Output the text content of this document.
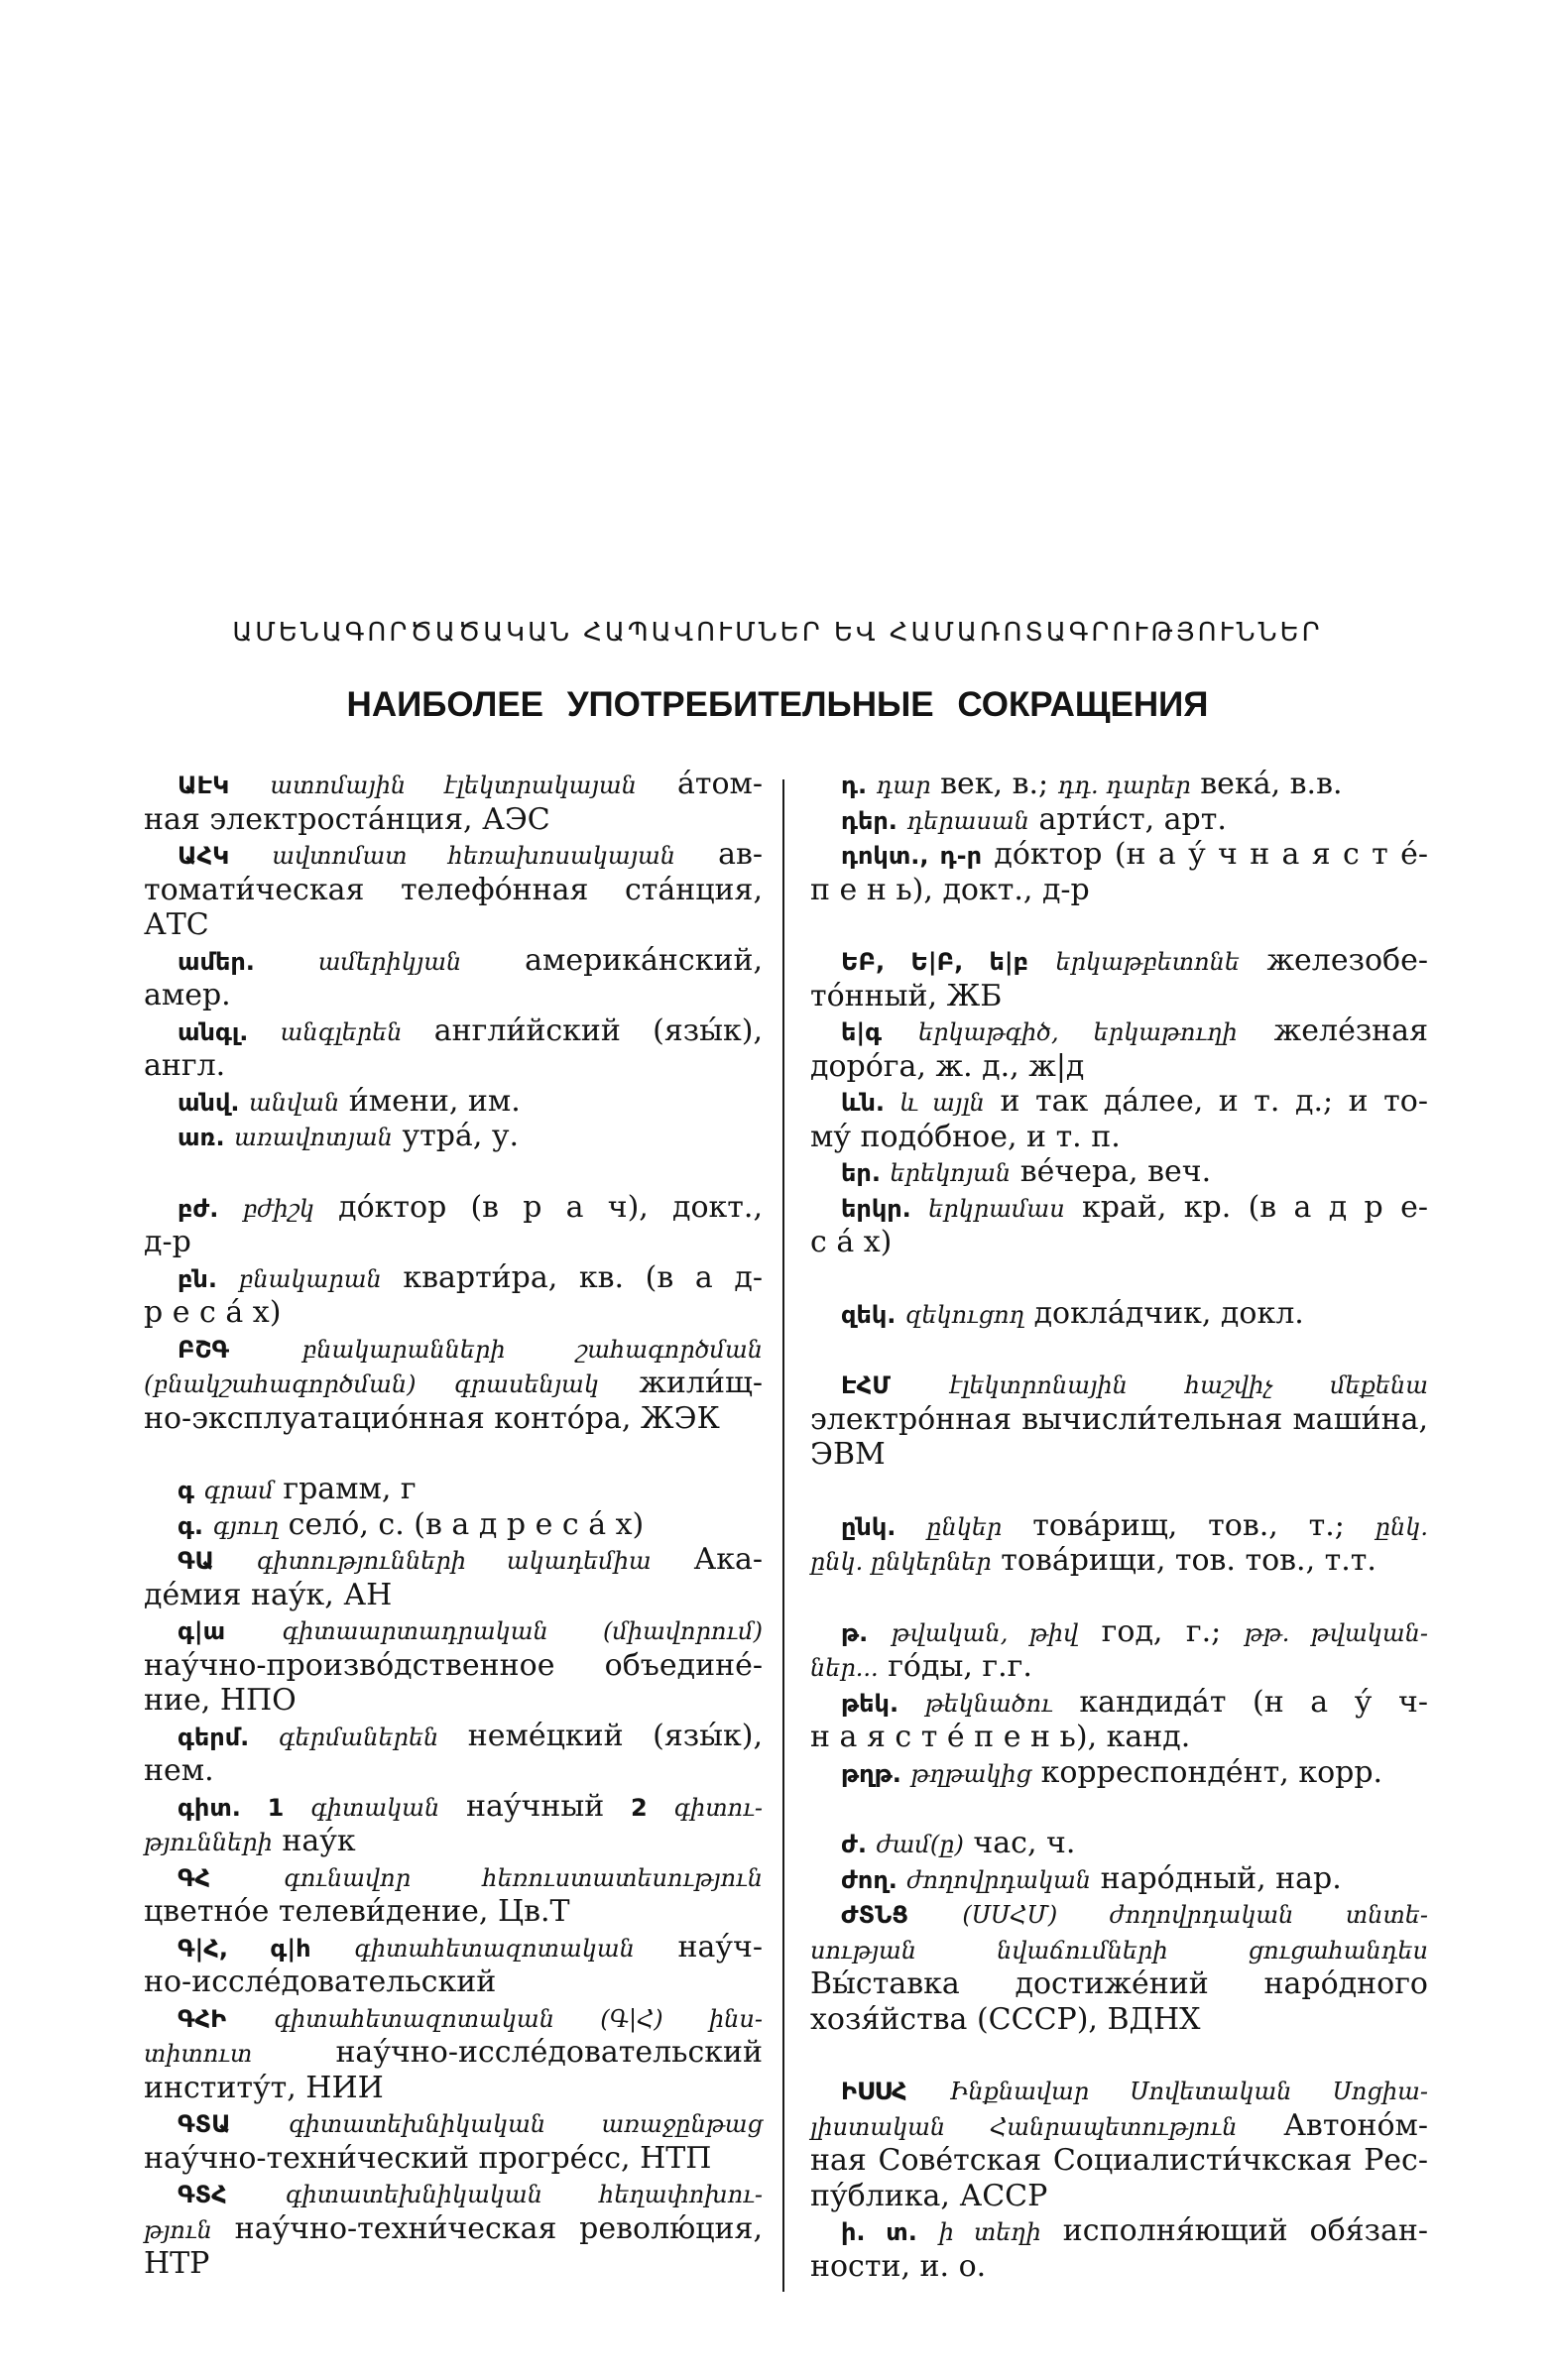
ԱՄԵՆԱԳՈՐԾԱԾԱԿԱՆ ՀԱՊԱՎՈՒՄՆԵՐ ԵՎ ՀԱՄԱՌՈՏԱԳՐՈՒԹՅՈՒՆՆԵՐ
НАИБОЛЕЕ УПОТРЕБИТЕЛЬНЫЕ СОКРАЩЕНИЯ
ԱԷԿ ատոմային էլեկտրակայան а́том-
ная электроста́нция, АЭС
ԱՀԿ ավտոմատ հեռախոսակայան ав-
томати́ческая телефо́нная ста́нция,
АТС
ամեր.	ամերիկյան америка́нский,
амер.
անգլ. անգլերեն англи́йский (язы́к),
англ.
անվ. անվան и́мени, им.
առ. առավոտյան утра́, у.
բժ. բժիշկ до́ктор (в р а ч), докт.,
д-р
բն. բնակարան кварти́ра, кв. (в а д-
р е с а́ х)
ԲՇԳ	բնակարանների շահագործման
(բնակշահագործման) գրասենյակ жили́щ-
но-эксплуатацио́нная конто́ра, ЖЭК
գ գրամ грамм, г
գ. գյուղ село́, с. (в а д р е с а́ х)
ԳԱ գիտությունների ակադեմիա Ака-
де́мия нау́к, АН
գ|ա գիտաարտադրական (միավորում)
нау́чно-произво́дственное объедине́-
ние, НПО
գերմ. գերմաներեն неме́цкий (язы́к),
нем.
գիտ. 1 գիտական нау́чный 2 գիտու-
թյունների нау́к
ԳՀ	գունավոր հեռուստատեսություն
цветно́е телеви́дение, Цв.Т
Գ|Հ, գ|հ գիտահետազոտական нау́ч-
но-иссле́довательский
ԳՀԻ գիտահետազոտական (Գ|Հ) ինս-
տիտուտ	нау́чно-иссле́довательский
институ́т, НИИ
ԳՏԱ գիտատեխնիկական առաջընթաց
нау́чно-техни́ческий прогре́сс, НТП
ԳՏՀ գիտատեխնիկական հեղափոխու-
թյուն нау́чно-техни́ческая револю́ция,
НТР
դ. դար век, в.; դդ. դարեր века́, в.в.
դեր. դերասան арти́ст, арт.
դոկտ., դ-ր до́ктор (н а у́ ч н а я с т е́-
п е н ь), докт., д-р
ԵԲ, Ե|Բ, ե|բ երկաթբետոնե железобе-
то́нный, ЖБ
ե|գ երկաթգիծ, երկաթուղի желе́зная
доро́га, ж. д., ж|д
ևն. և այլն и так да́лее, и т. д.; и то-
му́ подо́бное, и т. п.
եր. երեկոյան ве́чера, веч.
երկր. երկրամաս край, кр. (в а д р е-
с а́ х)
զեկ. զեկուցող докла́дчик, докл.
ԷՀՄ էլեկտրոնային հաշվիչ մեքենա
электро́нная вычисли́тельная маши́на,
ЭВМ
ընկ. ընկեր това́рищ, тов., т.; ընկ.
ընկ. ընկերներ това́рищи, тов. тов., т.т.
թ. թվական, թիվ год, г.; թթ. թվական-
ներ... го́ды, г.г.
թեկ. թեկնածու кандида́т (н а у́ ч-
н а я с т е́ п е н ь), канд.
թղթ. թղթակից корреспонде́нт, корр.
ժ. ժամ(ը) час, ч.
ժող. ժողովրդական наро́дный, нар.
ԺՏՆՑ (ՍՍՀՄ) ժողովրդական տնտե-
սության նվաճումների ցուցահանդես
Вы́ставка достиже́ний наро́дного
хозя́йства (СССР), ВДНХ
ԻՍՍՀ Ինքնավար Սովետական Սոցիա-
լիստական Հանրապետություն Автоно́м-
ная Сове́тская Социалисти́чкская Рес-
пу́блика, АССР
ի. տ. ի տեղի исполня́ющий обя́зан-
ности, и. о.
